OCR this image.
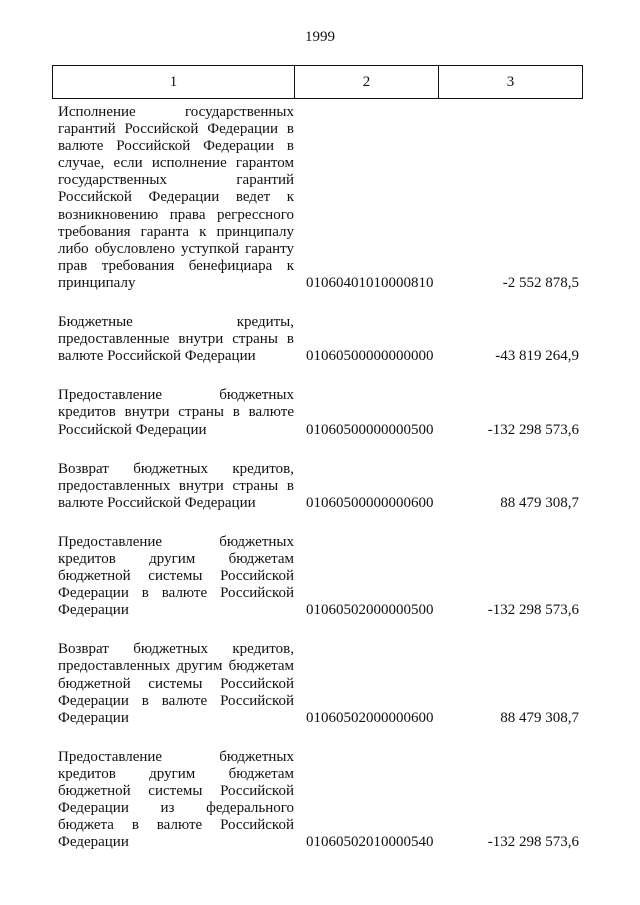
1999
1	2	3
Исполнение государственных гарантий Российской Федерации в валюте Российской Федерации в случае, если исполнение гарантом государственных гарантий Российской Федерации ведет к возникновению права регрессного требования гаранта к принципалу либо обусловлено уступкой гаранту прав требования бенефициара к принципалу	01060401010000810	-2 552 878,5
Бюджетные кредиты, предоставленные внутри страны в валюте Российской Федерации	01060500000000000	-43 819 264,9
Предоставление бюджетных кредитов внутри страны в валюте Российской Федерации	01060500000000500	-132 298 573,6
Возврат бюджетных кредитов, предоставленных внутри страны в валюте Российской Федерации	01060500000000600	88 479 308,7
Предоставление бюджетных кредитов другим бюджетам бюджетной системы Российской Федерации в валюте Российской Федерации	01060502000000500	-132 298 573,6
Возврат бюджетных кредитов, предоставленных другим бюджетам бюджетной системы Российской Федерации в валюте Российской Федерации	01060502000000600	88 479 308,7
Предоставление бюджетных кредитов другим бюджетам бюджетной системы Российской Федерации из федерального бюджета в валюте Российской Федерации	01060502010000540	-132 298 573,6
